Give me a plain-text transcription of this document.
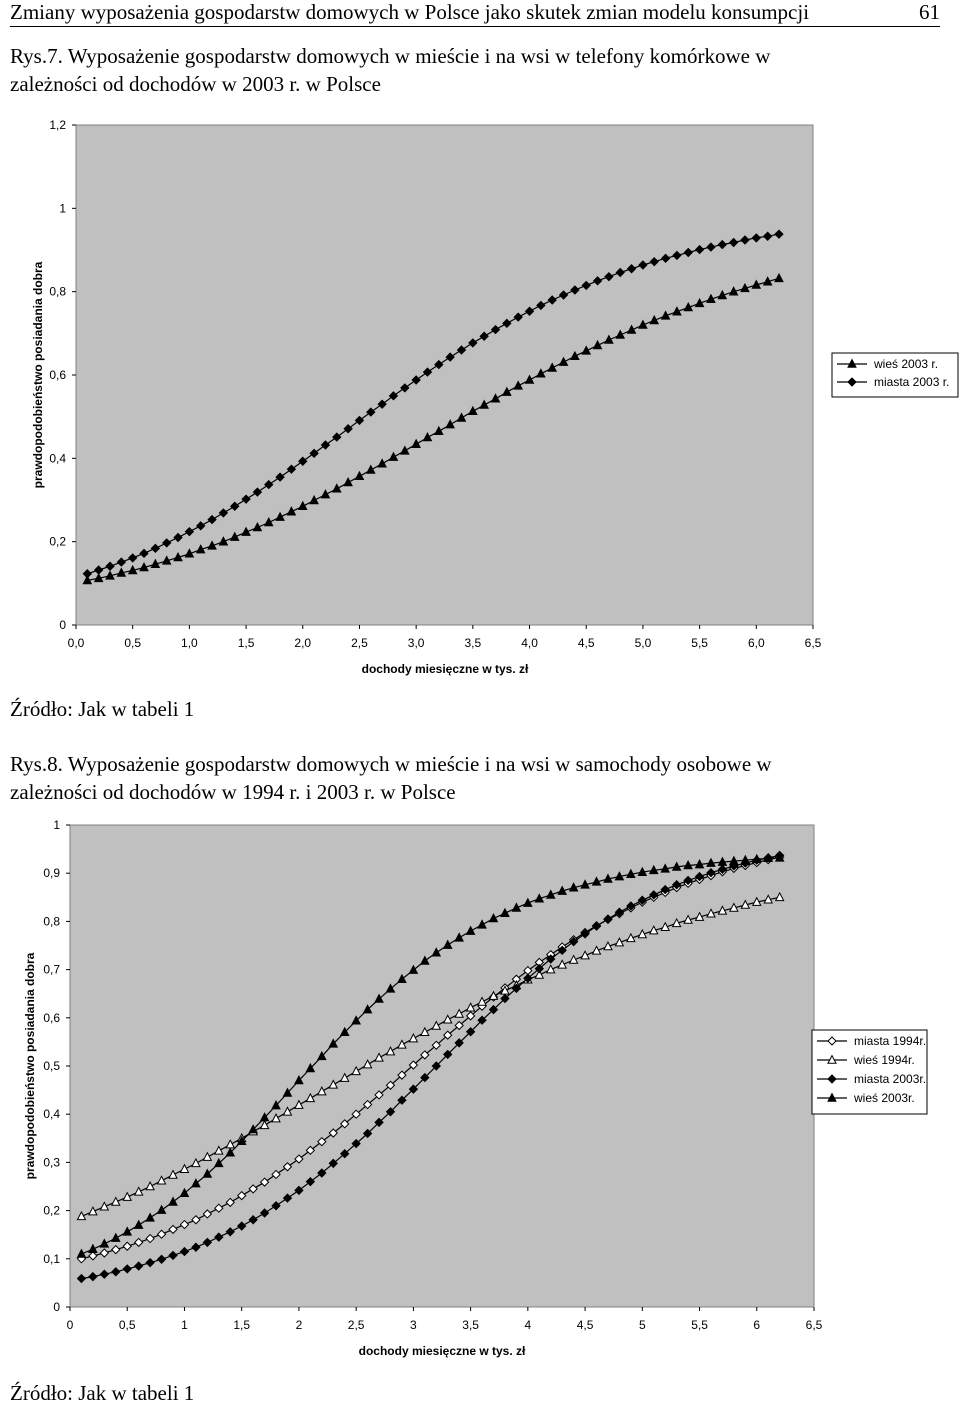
Zmiany wyposażenia gospodarstw domowych w Polsce jako skutek zmian modelu konsumpcji	61
Rys.7. Wyposażenie gospodarstw domowych w mieście i na wsi w telefony komórkowe w
zależności od dochodów w 2003 r. w Polsce
0
0,2
0,4
0,6
0,8
1
1,2
0,0	0,5	1,0	1,5	2,0	2,5	3,0	3,5	4,0	4,5	5,0	5,5	6,0	6,5
dochody miesięczne w tys. zł
prawdopodobieństwo posiadania dobra	wieś 2003 r.
miasta 2003 r.
Źródło: Jak w tabeli 1
Rys.8. Wyposażenie gospodarstw domowych w mieście i na wsi w samochody osobowe w
zależności od dochodów w 1994 r. i 2003 r. w Polsce
0
0,1
0,2
0,3
0,4
0,5
0,6
0,7
0,8
0,9
1
0	0,5	1	1,5	2	2,5	3	3,5	4	4,5	5	5,5	6	6,5
dochody miesięczne w tys. zł
prawdopodobieństwo posiadania dobra	miasta 1994r.
wieś 1994r.
miasta 2003r.
wieś 2003r.
Źródło: Jak w tabeli 1
